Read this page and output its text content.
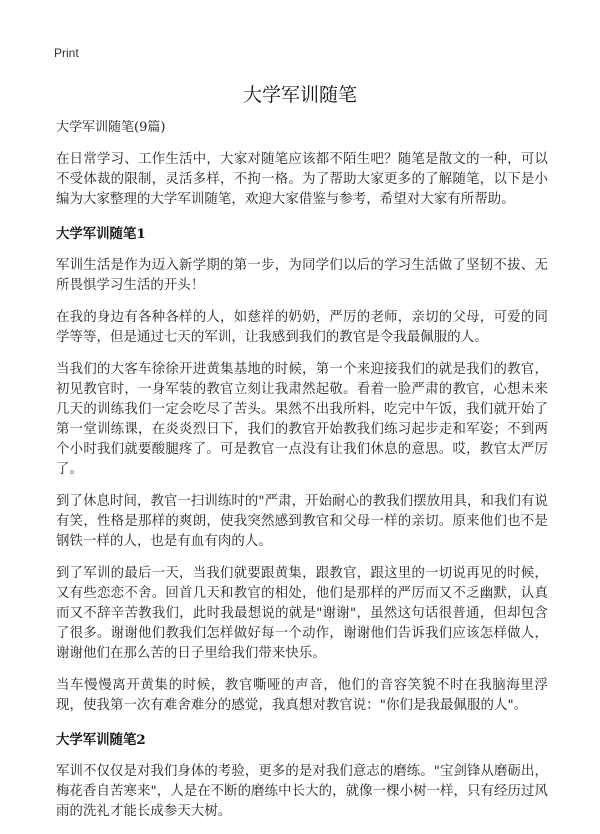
Print
大学军训随笔

大学军训随笔(9篇)

在日常学习、工作生活中，大家对随笔应该都不陌生吧？随笔是散文的一种，可以不受体裁的限制，灵活多样，不拘一格。为了帮助大家更多的了解随笔，以下是小编为大家整理的大学军训随笔，欢迎大家借鉴与参考，希望对大家有所帮助。

大学军训随笔1

军训生活是作为迈入新学期的第一步，为同学们以后的学习生活做了坚韧不拔、无所畏惧学习生活的开头！

在我的身边有各种各样的人，如慈祥的奶奶，严厉的老师，亲切的父母，可爱的同学等等，但是通过七天的军训，让我感到我们的教官是令我最佩服的人。

当我们的大客车徐徐开进黄集基地的时候，第一个来迎接我们的就是我们的教官，初见教官时，一身军装的教官立刻让我肃然起敬。看着一脸严肃的教官，心想未来几天的训练我们一定会吃尽了苦头。果然不出我所料，吃完中午饭，我们就开始了第一堂训练课，在炎炎烈日下，我们的教官开始教我们练习起步走和军姿；不到两个小时我们就要酸腿疼了。可是教官一点没有让我们休息的意思。哎，教官太严厉了。

到了休息时间，教官一扫训练时的"严肃，开始耐心的教我们摆放用具，和我们有说有笑，性格是那样的爽朗，使我突然感到教官和父母一样的亲切。原来他们也不是钢铁一样的人，也是有血有肉的人。

到了军训的最后一天，当我们就要跟黄集，跟教官，跟这里的一切说再见的时候，又有些恋恋不舍。回首几天和教官的相处，他们是那样的严厉而又不乏幽默，认真而又不辞辛苦教我们，此时我最想说的就是"谢谢"，虽然这句话很普通，但却包含了很多。谢谢他们教我们怎样做好每一个动作，谢谢他们告诉我们应该怎样做人，谢谢他们在那么苦的日子里给我们带来快乐。

当车慢慢离开黄集的时候，教官嘶哑的声音，他们的音容笑貌不时在我脑海里浮现，使我第一次有难舍难分的感觉，我真想对教官说："你们是我最佩服的人"。

大学军训随笔2

军训不仅仅是对我们身体的考验，更多的是对我们意志的磨练。"宝剑锋从磨砺出，梅花香自苦寒来"，人是在不断的磨练中长大的，就像一棵小树一样，只有经历过风雨的洗礼才能长成参天大树。
